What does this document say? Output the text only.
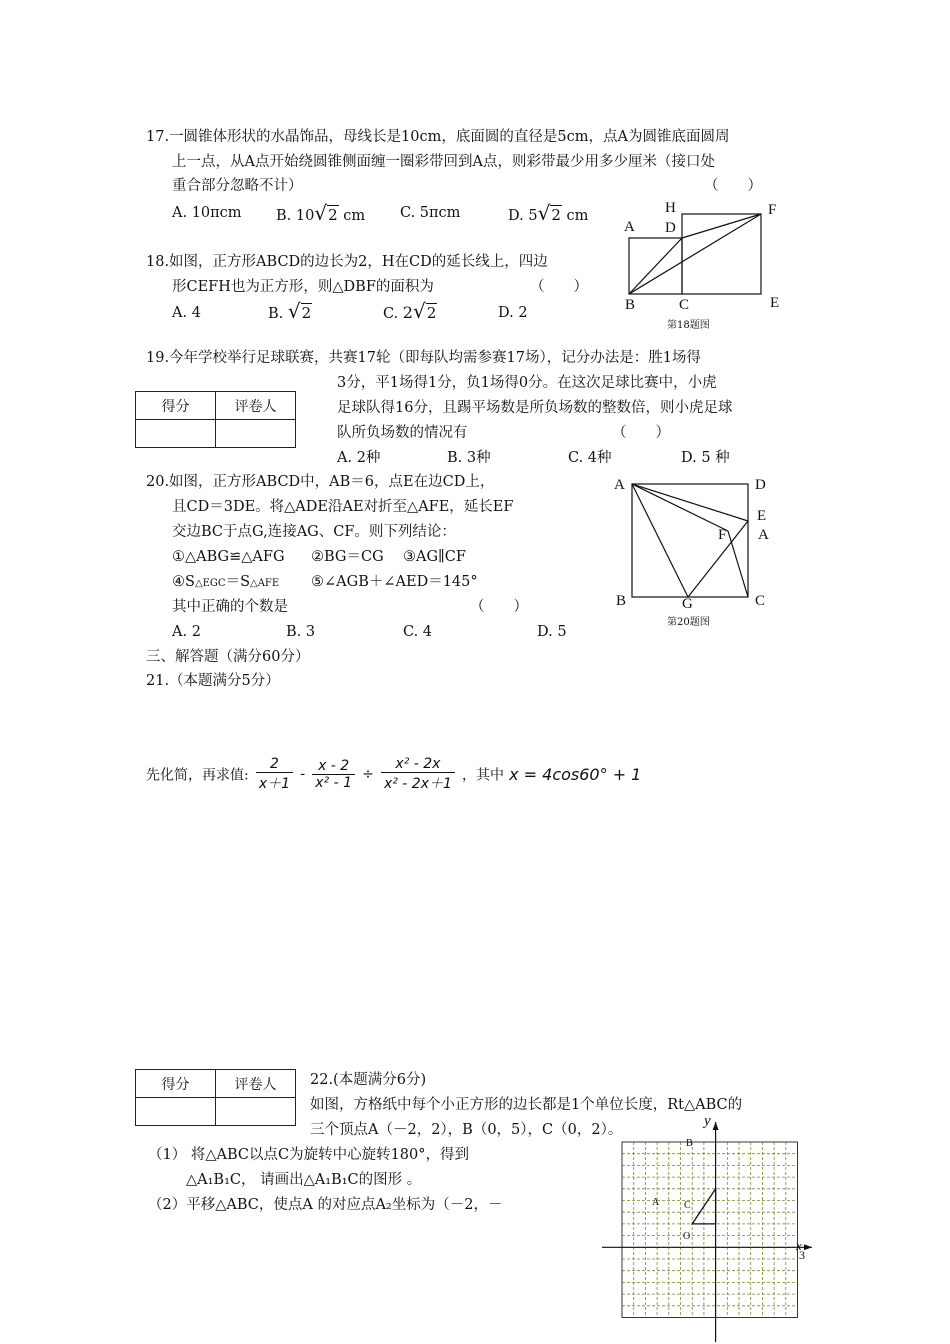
17.一圆锥体形状的水晶饰品，母线长是10cm，底面圆的直径是5cm，点A为圆锥底面圆周
上一点，从A点开始绕圆锥侧面缠一圈彩带回到A点，则彩带最少用多少厘米（接口处
重合部分忽略不计）	（　　）
A. 10πcm B. 10√2 cm C. 5πcm	D. 5√2 cm
18.如图，正方形ABCD的边长为2，H在CD的延长线上，四边
形CEFH也为正方形，则△DBF的面积为	（　　）
A. 4	B. √2	C. 2√2	D. 2
H	F
A D
B	C	E
第18题图
19.今年学校举行足球联赛，共赛17轮（即每队均需参赛17场），记分办法是：胜1场得
3分，平1场得1分，负1场得0分。在这次足球比赛中，小虎
足球队得16分，且踢平场数是所负场数的整数倍，则小虎足球
队所负场数的情况有	（　　）
A. 2种	B. 3种	C. 4种	D. 5 种
得分	评卷人

20.如图，正方形ABCD中，AB＝6，点E在边CD上，
且CD＝3DE。将△ADE沿AE对折至△AFE，延长EF
交边BC于点G,连接AG、CF。则下列结论：
①△ABG≌△AFG ②BG＝CG ③AG∥CF
④S△EGC＝S△AFE ⑤∠AGB＋∠AED＝145°
其中正确的个数是	（　　）
A. 2	B. 3	C. 4	D. 5
A	D
E
A
F
B	G	C
第20题图
三、解答题（满分60分）
21.（本题满分5分）
先化简，再求值: $\frac{2}{x+1} - \frac{x - 2}{\text{x² - 1}} \div \frac{\text{x² - 2x}}{\text{x² - 2x＋1}}$ ，其中 x = 4cos60° + 1
得分	评卷人
	22.(本题满分6分)
如图，方格纸中每个小正方形的边长都是1个单位长度，Rt△ABC的
三个顶点A（－2，2），B（0，5），C（0，2）。
（1） 将△ABC以点C为旋转中心旋转180°，得到
△A₁B₁C， 请画出△A₁B₁C的图形 。
（2）平移△ABC，使点A 的对应点A₂坐标为（－2，－
y
x
3
B
A C
O
